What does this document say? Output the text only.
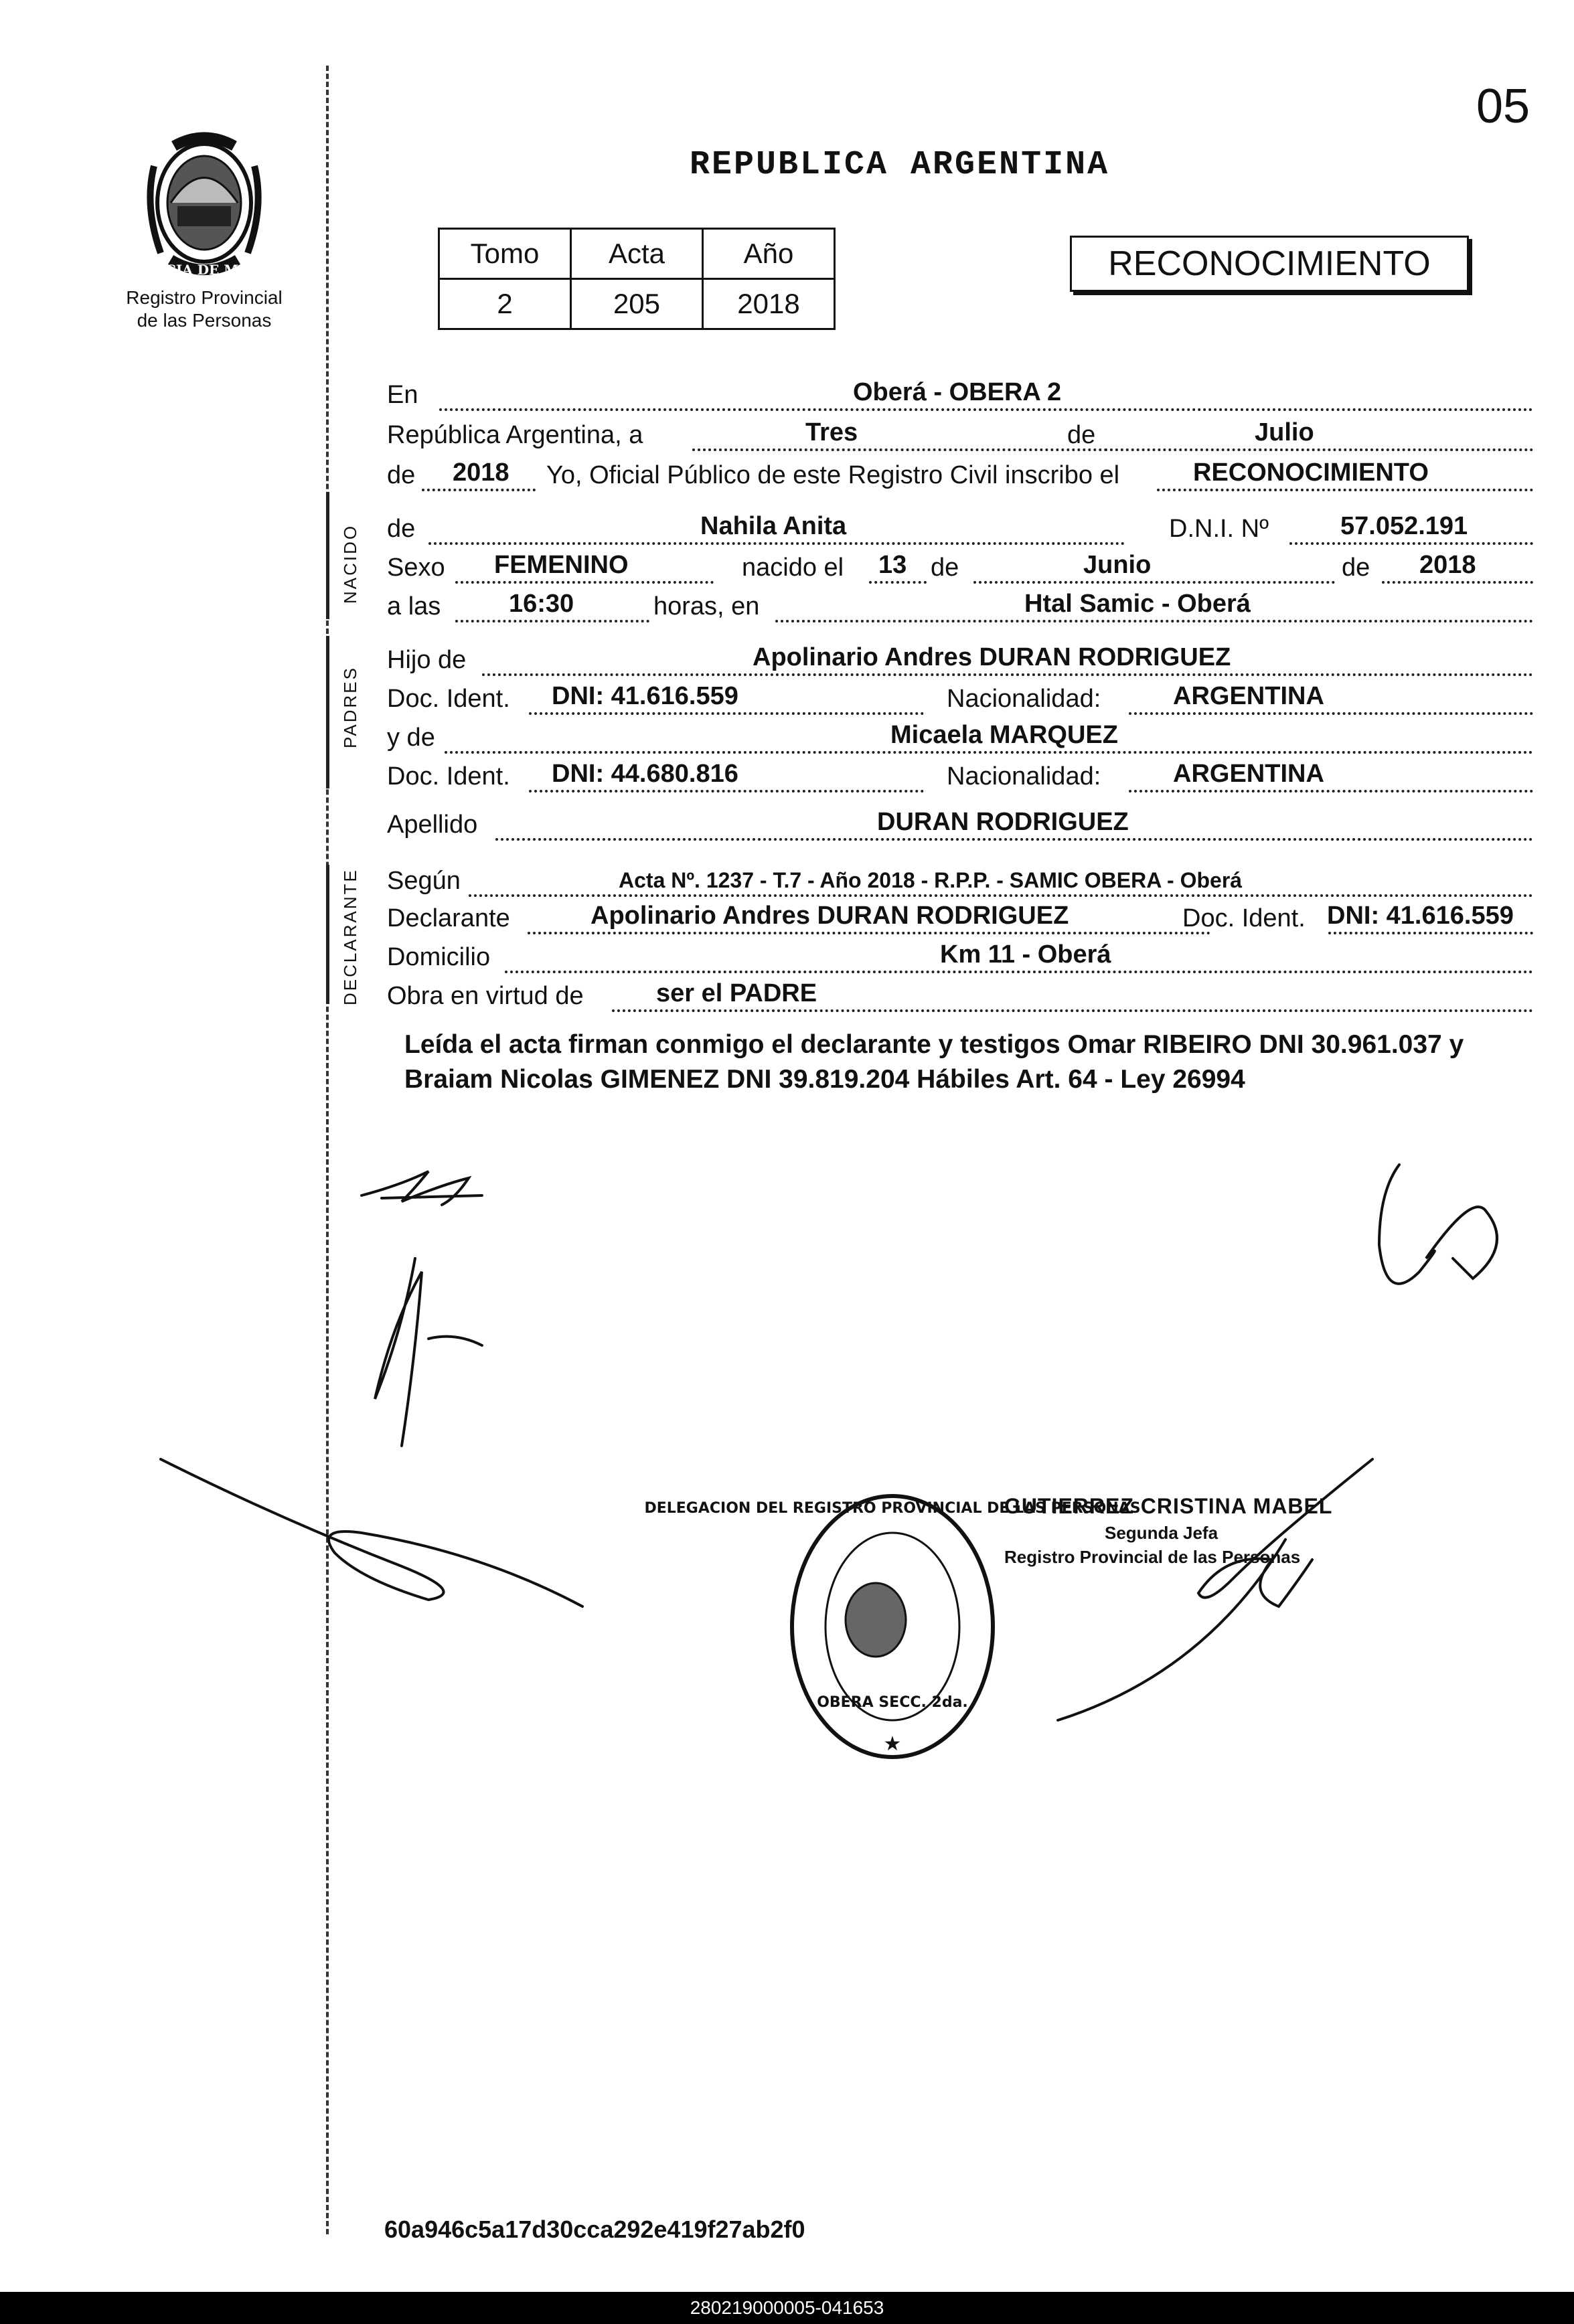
05
PROVINCIA DE MISIONES
Registro Provincial
de las Personas
REPUBLICA ARGENTINA
Tomo	Acta	Año
2	205	2018
RECONOCIMIENTO
En	Oberá - OBERA 2
República Argentina, a	Tres	de	Julio
de 2018 Yo, Oficial Público de este Registro Civil inscribo el	RECONOCIMIENTO
NACIDO de	Nahila Anita	D.N.I. Nº	57.052.191
Sexo FEMENINO	nacido el 13 de	Junio	de 2018
a las	16:30	horas, en	Htal Samic - Oberá
PADRES
Hijo de	Apolinario Andres DURAN RODRIGUEZ
Doc. Ident. DNI: 41.616.559	Nacionalidad:	ARGENTINA
y de	Micaela MARQUEZ
Doc. Ident. DNI: 44.680.816	Nacionalidad:	ARGENTINA
Apellido	DURAN RODRIGUEZ
DECLARANTE Según	Acta Nº. 1237 - T.7 - Año 2018 - R.P.P. - SAMIC OBERA - Oberá
Declarante	Apolinario Andres DURAN RODRIGUEZ	Doc. Ident. DNI: 41.616.559
Domicilio	Km 11 - Oberá
Obra en virtud de	ser el PADRE
Leída el acta firman conmigo el declarante y testigos Omar RIBEIRO DNI 30.961.037 y Braiam Nicolas GIMENEZ DNI 39.819.204 Hábiles Art. 64 - Ley 26994
DELEGACION DEL REGISTRO PROVINCIAL DE LAS PERSONAS
OBERA SECC. 2da.
★
GUTIERREZ CRISTINA MABEL
Segunda Jefa
Registro Provincial de las Personas
60a946c5a17d30cca292e419f27ab2f0
280219000005-041653
